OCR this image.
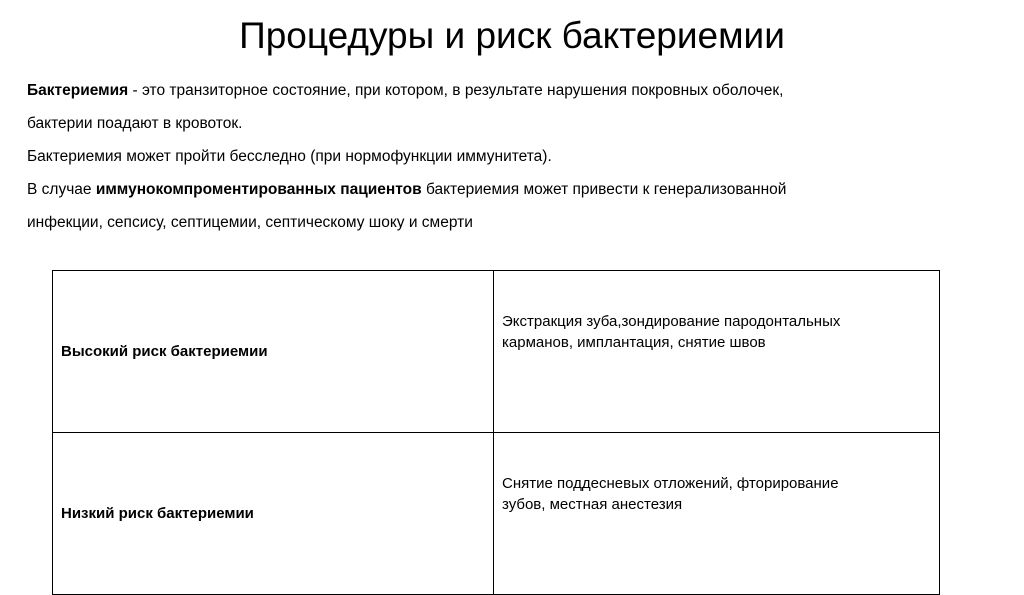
Процедуры и риск бактериемии

Бактериемия - это транзиторное состояние, при котором, в результате нарушения покровных оболочек,

бактерии поадают в кровоток.

Бактериемия может пройти бесследно (при нормофункции иммунитета).

В случае иммунокомпроментированных пациентов бактериемия может привести к генерализованной

инфекции, сепсису, септицемии, септическому шоку и смерти

Высокий риск бактериемии	Экстракция зуба,зондирование пародонтальных
карманов, имплантация, снятие швов
Низкий риск бактериемии	Снятие поддесневых отложений, фторирование
зубов, местная анестезия
